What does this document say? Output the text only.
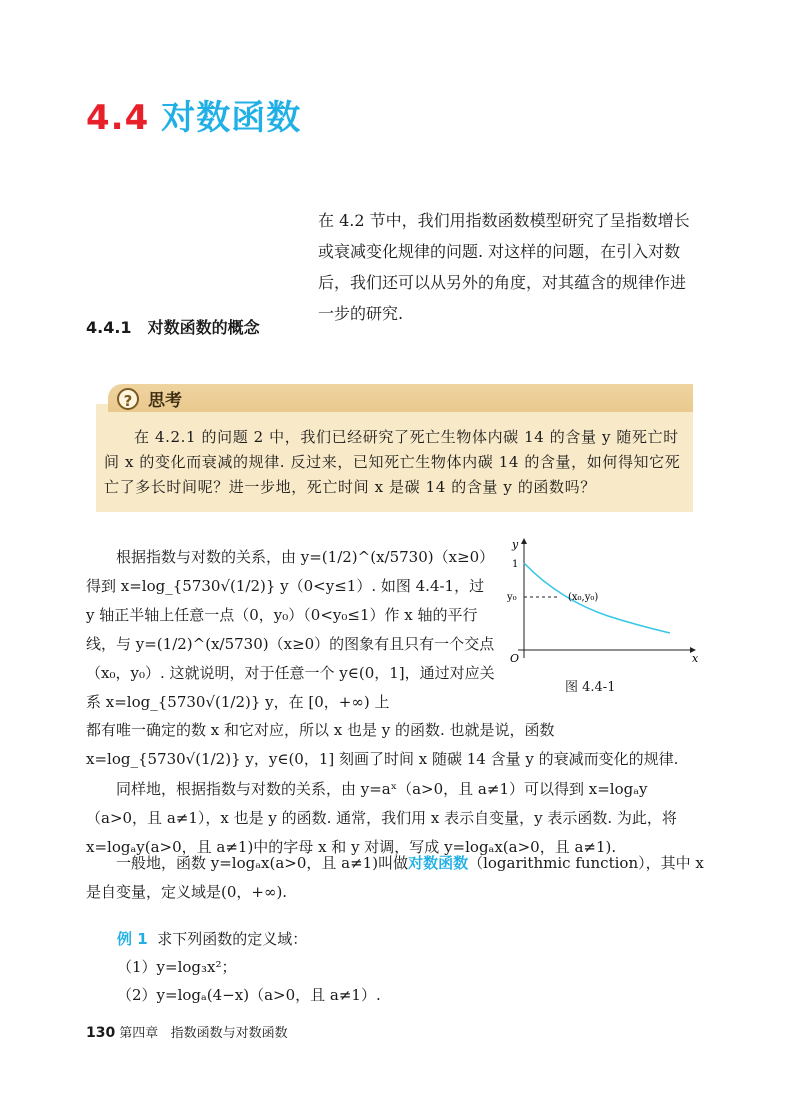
4.4 对数函数
在 4.2 节中，我们用指数函数模型研究了呈指数增长或衰减变化规律的问题. 对这样的问题，在引入对数后，我们还可以从另外的角度，对其蕴含的规律作进一步的研究.
4.4.1 对数函数的概念
? 思考
在 4.2.1 的问题 2 中，我们已经研究了死亡生物体内碳 14 的含量 y 随死亡时间 x 的变化而衰减的规律. 反过来，已知死亡生物体内碳 14 的含量，如何得知它死亡了多长时间呢？进一步地，死亡时间 x 是碳 14 的含量 y 的函数吗？
根据指数与对数的关系，由 y=(1/2)^(x/5730)（x≥0）得到 x=log_{5730√(1/2)} y（0<y≤1）. 如图 4.4-1，过 y 轴正半轴上任意一点（0，y₀）（0<y₀≤1）作 x 轴的平行线，与 y=(1/2)^(x/5730)（x≥0）的图象有且只有一个交点（x₀，y₀）. 这就说明，对于任意一个 y∈(0，1]，通过对应关系 x=log_{5730√(1/2)} y，在 [0，+∞) 上
y
x
O
1
y₀	(x₀,y₀)
图 4.4-1
都有唯一确定的数 x 和它对应，所以 x 也是 y 的函数. 也就是说，函数 x=log_{5730√(1/2)} y，y∈(0，1] 刻画了时间 x 随碳 14 含量 y 的衰减而变化的规律.
同样地，根据指数与对数的关系，由 y=aˣ（a>0，且 a≠1）可以得到 x=logₐy（a>0，且 a≠1），x 也是 y 的函数. 通常，我们用 x 表示自变量，y 表示函数. 为此，将 x=logₐy(a>0，且 a≠1)中的字母 x 和 y 对调，写成 y=logₐx(a>0，且 a≠1).
一般地，函数 y=logₐx(a>0，且 a≠1)叫做对数函数（logarithmic function），其中 x 是自变量，定义域是(0，+∞).
例 1 求下列函数的定义域：
（1）y=log₃x²；
（2）y=logₐ(4−x)（a>0，且 a≠1）.
130 第四章 指数函数与对数函数
